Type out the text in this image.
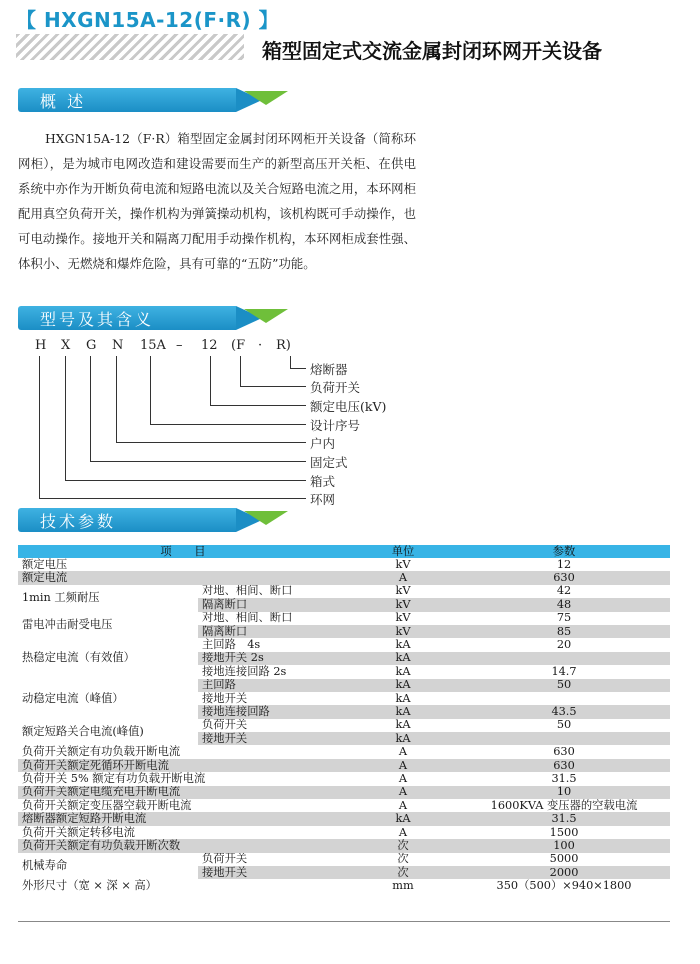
【 HXGN15A-12(F·R) 】
箱型固定式交流金属封闭环网开关设备
概 述
HXGN15A-12（F·R）箱型固定金属封闭环网柜开关设备（简称环网柜），是为城市电网改造和建设需要而生产的新型高压开关柜、在供电系统中亦作为开断负荷电流和短路电流以及关合短路电流之用，本环网柜配用真空负荷开关，操作机构为弹簧操动机构，该机构既可手动操作，也可电动操作。接地开关和隔离刀配用手动操作机构，本环网柜成套性强、体积小、无燃烧和爆炸危险，具有可靠的“五防”功能。
型号及其含义
H X G N 15A – 12 (F · R)
熔断器
负荷开关
额定电压(kV)
设计序号
户内
固定式
箱式
环网
技术参数
项　　目		单位	参数
额定电压		kV	12
额定电流		A	630
1min 工频耐压	对地、相间、断口	kV	42
	隔离断口	kV	48
雷电冲击耐受电压	对地、相间、断口	kV	75
	隔离断口	kV	85
热稳定电流（有效值）	主回路　4s	kA	20
	接地开关 2s	kA	
	接地连接回路 2s	kA	14.7
动稳定电流（峰值）	主回路	kA	50
	接地开关	kA	
	接地连接回路	kA	43.5
额定短路关合电流(峰值)	负荷开关	kA	50
	接地开关	kA	
负荷开关额定有功负载开断电流		A	630
负荷开关额定死循环开断电流		A	630
负荷开关 5% 额定有功负载开断电流		A	31.5
负荷开关额定电缆充电开断电流		A	10
负荷开关额定变压器空载开断电流		A	1600KVA 变压器的空载电流
熔断器额定短路开断电流		kA	31.5
负荷开关额定转移电流		A	1500
负荷开关额定有功负载开断次数		次	100
机械寿命	负荷开关	次	5000
	接地开关	次	2000
外形尺寸（宽 × 深 × 高）		mm	350（500）×940×1800
